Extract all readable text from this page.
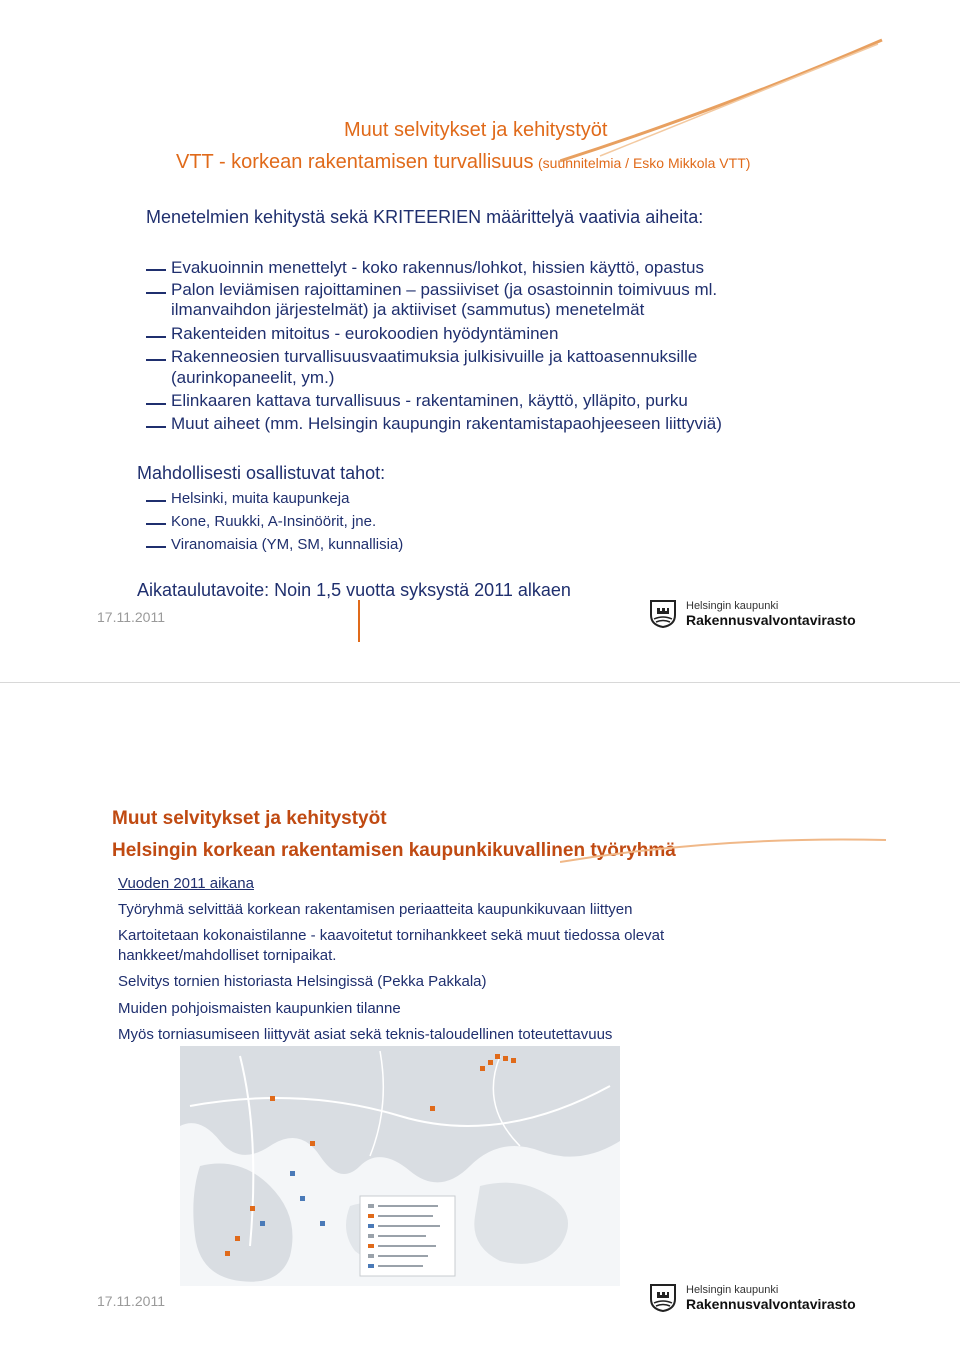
Muut selvitykset ja kehitystyöt
VTT - korkean rakentamisen turvallisuus (suunnitelmia / Esko Mikkola VTT)
Menetelmien kehitystä sekä KRITEERIEN määrittelyä vaativia aiheita:
Evakuoinnin menettelyt - koko rakennus/lohkot, hissien käyttö, opastus
Palon leviämisen rajoittaminen – passiiviset (ja osastoinnin toimivuus ml.
ilmanvaihdon järjestelmät) ja aktiiviset (sammutus) menetelmät
Rakenteiden mitoitus - eurokoodien hyödyntäminen
Rakenneosien turvallisuusvaatimuksia julkisivuille ja kattoasennuksille
(aurinkopaneelit, ym.)
Elinkaaren kattava turvallisuus - rakentaminen, käyttö, ylläpito, purku
Muut aiheet (mm. Helsingin kaupungin rakentamistapaohjeeseen liittyviä)
Mahdollisesti osallistuvat tahot:
Helsinki, muita kaupunkeja
Kone, Ruukki, A-Insinöörit, jne.
Viranomaisia (YM, SM, kunnallisia)
Aikataulutavoite: Noin 1,5 vuotta syksystä 2011 alkaen
17.11.2011
Helsingin kaupunki
Rakennusvalvontavirasto
Muut selvitykset ja kehitystyöt
Helsingin korkean rakentamisen kaupunkikuvallinen työryhmä
Vuoden 2011 aikana
Työryhmä selvittää korkean rakentamisen periaatteita kaupunkikuvaan liittyen
Kartoitetaan kokonaistilanne - kaavoitetut tornihankkeet sekä muut tiedossa olevat
hankkeet/mahdolliset tornipaikat.
Selvitys tornien historiasta Helsingissä (Pekka Pakkala)
Muiden pohjoismaisten kaupunkien tilanne
Myös torniasumiseen liittyvät asiat sekä teknis-taloudellinen toteutettavuus
17.11.2011
Helsingin kaupunki
Rakennusvalvontavirasto
